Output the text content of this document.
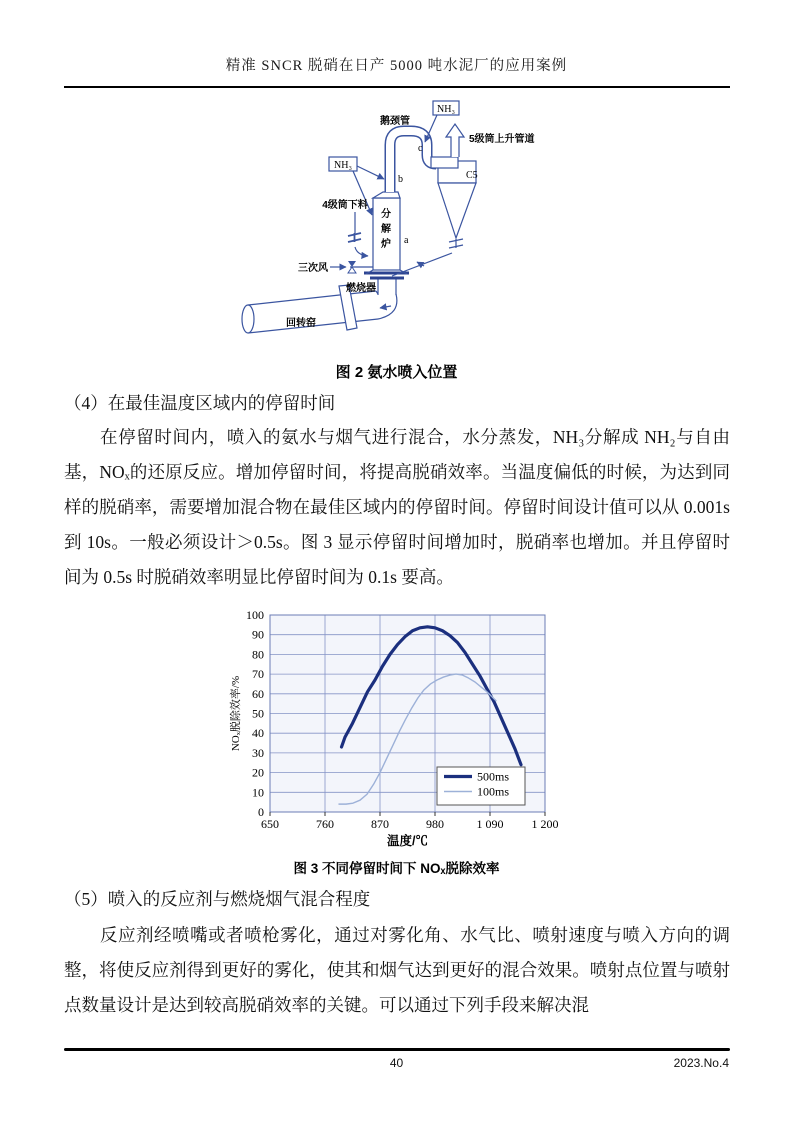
精准 SNCR 脱硝在日产 5000 吨水泥厂的应用案例
回转窑
燃烧器
分
解
炉 a
鹅颈管
b
c
C5
5级筒上升管道
NH₃
NH₃
4级筒下料
三次风
图 2 氨水喷入位置
（4）在最佳温度区域内的停留时间
在停留时间内，喷入的氨水与烟气进行混合，水分蒸发，NH₃分解成 NH₂与自由基，NOₓ的还原反应。增加停留时间，将提高脱硝效率。当温度偏低的时候，为达到同样的脱硝率，需要增加混合物在最佳区域内的停留时间。停留时间设计值可以从 0.001s 到 10s。一般必须设计＞0.5s。图 3 显示停留时间增加时，脱硝率也增加。并且停留时间为 0.5s 时脱硝效率明显比停留时间为 0.1s 要高。
0
10
20
30
40
50
60
70
80
90
100
650	760	870	980	1 090 1 200
温度/℃
NOₓ脱除效率/%
500ms
100ms
图 3 不同停留时间下 NOₓ脱除效率
（5）喷入的反应剂与燃烧烟气混合程度
反应剂经喷嘴或者喷枪雾化，通过对雾化角、水气比、喷射速度与喷入方向的调整，将使反应剂得到更好的雾化，使其和烟气达到更好的混合效果。喷射点位置与喷射点数量设计是达到较高脱硝效率的关键。可以通过下列手段来解决混
40	2023.No.4
